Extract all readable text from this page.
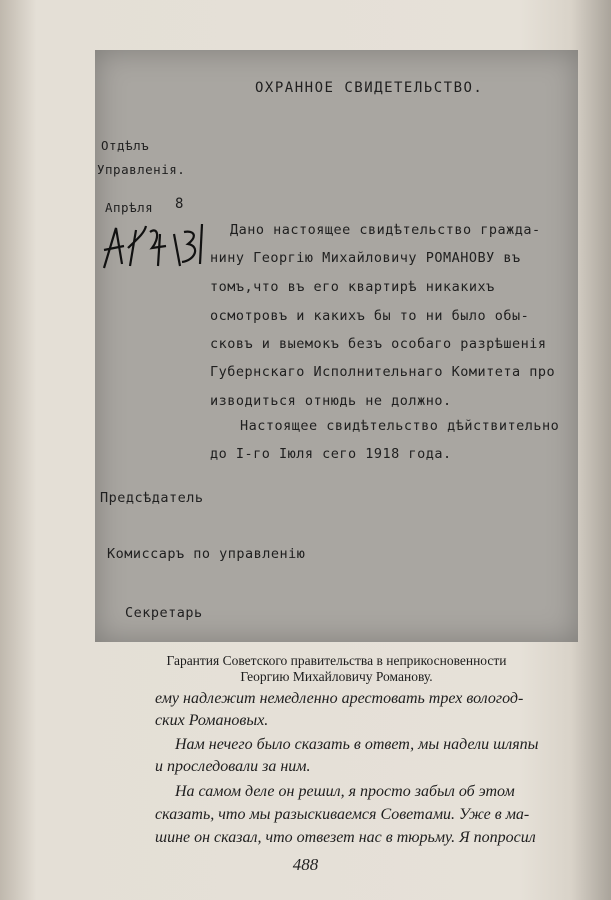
ОХРАННОЕ СВИДЕТЕЛЬСТВО.
Отдѣлъ
Управленія.
Апрѣля 8
Дано настоящее свидѣтельство гражда-
нину Георгію Михайловичу РОМАНОВУ въ
томъ,что въ его квартирѣ никакихъ
осмотровъ и какихъ бы то ни было обы-
сковъ и выемокъ безъ особаго разрѣшенія
Губернскаго Исполнительнаго Комитета про
изводиться отнюдь не должно.
Настоящее свидѣтельство дѣйствительно
до I-го Іюля сего 1918 года.
Предсѣдатель
Комиссаръ по управленію
Секретарь
Гарантия Советского правительства в неприкосновенности
Георгию Михайловичу Романову.
ему надлежит немедленно арестовать трех вологод-
ских Романовых.
Нам нечего было сказать в ответ, мы надели шляпы
и проследовали за ним.
На самом деле он решил, я просто забыл об этом
сказать, что мы разыскиваемся Советами. Уже в ма-
шине он сказал, что отвезет нас в тюрьму. Я попросил
488
